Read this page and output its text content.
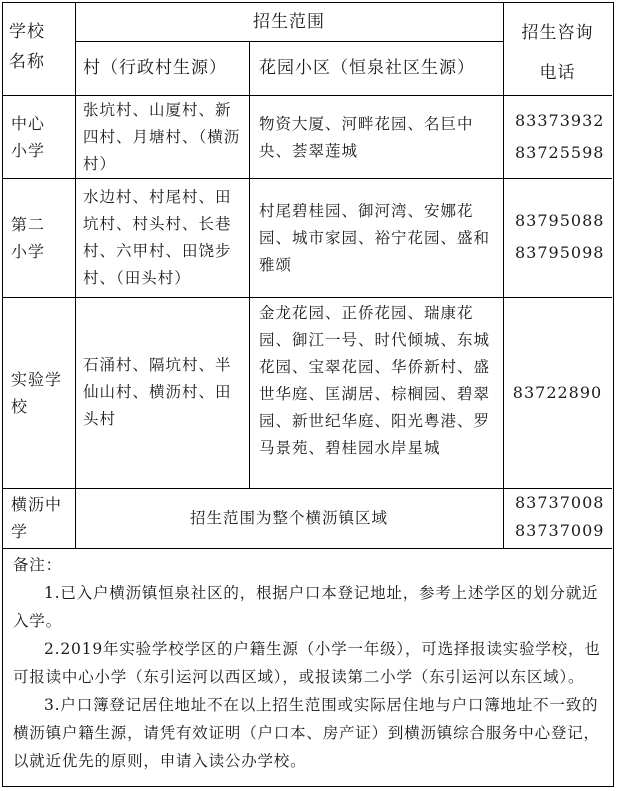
学校
名称
招生范围
村（行政村生源）	花园小区（恒泉社区生源）
招生咨询
电话
中心
小学
张坑村、山厦村、新四村、月塘村、（横沥村）
物资大厦、河畔花园、名巨中央、荟翠莲城
83373932
83725598
第二
小学
水边村、村尾村、田坑村、村头村、长巷村、六甲村、田饶步村、（田头村）
村尾碧桂园、御河湾、安娜花园、城市家园、裕宁花园、盛和雅颂
83795088
83795098
实验学
校
石涌村、隔坑村、半仙山村、横沥村、田头村
金龙花园、正侨花园、瑞康花园、御江一号、时代倾城、东城花园、宝翠花园、华侨新村、盛世华庭、匡湖居、棕榈园、碧翠园、新世纪华庭、阳光粤港、罗马景苑、碧桂园水岸星城
83722890
横沥中
学
招生范围为整个横沥镇区域
83737008
83737009

备注：

1.已入户横沥镇恒泉社区的，根据户口本登记地址，参考上述学区的划分就近入学。

2.2019年实验学校学区的户籍生源（小学一年级），可选择报读实验学校，也可报读中心小学（东引运河以西区域），或报读第二小学（东引运河以东区域）。

3.户口簿登记居住地址不在以上招生范围或实际居住地与户口簿地址不一致的横沥镇户籍生源，请凭有效证明（户口本、房产证）到横沥镇综合服务中心登记，以就近优先的原则，申请入读公办学校。
